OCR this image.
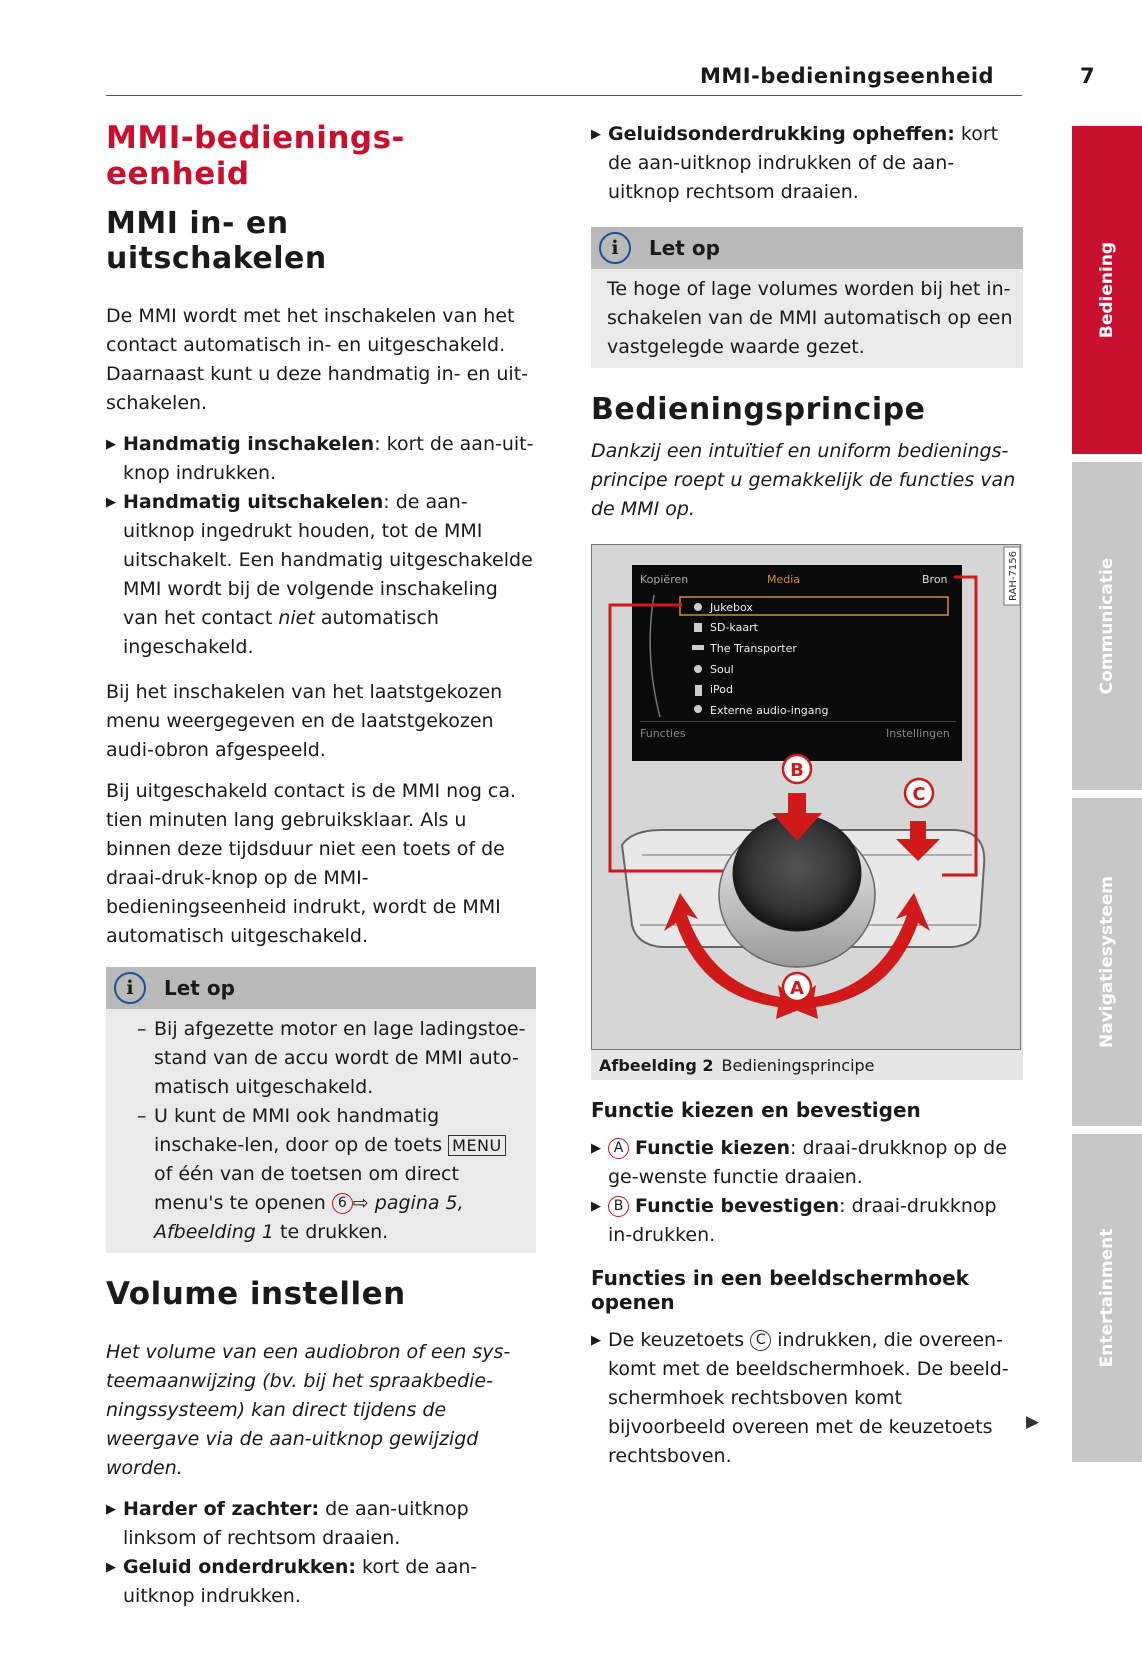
MMI-bedieningseenheid	7
MMI-bedienings-
eenheid
MMI in- en
uitschakelen

De MMI wordt met het inschakelen van het contact automatisch in- en uitgeschakeld. Daarnaast kunt u deze handmatig in- en uit-schakelen.

▶ Handmatig inschakelen: kort de aan-uit-knop indrukken.
▶ Handmatig uitschakelen: de aan-uitknop ingedrukt houden, tot de MMI uitschakelt. Een handmatig uitgeschakelde MMI wordt bij de volgende inschakeling van het contact niet automatisch ingeschakeld.

Bij het inschakelen van het laatstgekozen menu weergegeven en de laatstgekozen audi-obron afgespeeld.

Bij uitgeschakeld contact is de MMI nog ca. tien minuten lang gebruiksklaar. Als u binnen deze tijdsduur niet een toets of de draai-druk-knop op de MMI-bedieningseenheid indrukt, wordt de MMI automatisch uitgeschakeld.

i	Let op
– Bij afgezette motor en lage ladingstoe-stand van de accu wordt de MMI auto-matisch uitgeschakeld.
– U kunt de MMI ook handmatig inschake-len, door op de toets MENU of één van de toetsen om direct menu's te openen 6 ⇨ pagina 5, Afbeelding 1 te drukken.
Volume instellen

Het volume van een audiobron of een sys-teemaanwijzing (bv. bij het spraakbedie-ningssysteem) kan direct tijdens de weergave via de aan-uitknop gewijzigd worden.

▶ Harder of zachter: de aan-uitknop linksom of rechtsom draaien.
▶ Geluid onderdrukken: kort de aan-uitknop indrukken.
▶ Geluidsonderdrukking opheffen: kort de aan-uitknop indrukken of de aan-uitknop rechtsom draaien.
i	Let op

Te hoge of lage volumes worden bij het in-schakelen van de MMI automatisch op een vastgelegde waarde gezet.

Bedieningsprincipe

Dankzij een intuïtief en uniform bedienings-principe roept u gemakkelijk de functies van de MMI op.

Kopiëren	Media	Bron
Jukebox
SD-kaart
The Transporter
Soul
iPod
Externe audio-ingang
Functies	Instellingen
B
C
A
RAH-7156
Afbeelding 2 Bedieningsprincipe
Functie kiezen en bevestigen
▶ A Functie kiezen: draai-drukknop op de ge-wenste functie draaien.
▶ B Functie bevestigen: draai-drukknop in-drukken.
Functies in een beeldschermhoek openen
▶ De keuzetoets C indrukken, die overeen-komt met de beeldschermhoek. De beeld-schermhoek rechtsboven komt bijvoorbeeld overeen met de keuzetoets rechtsboven.
▶
Bediening
Communicatie
Navigatiesysteem
Entertainment
